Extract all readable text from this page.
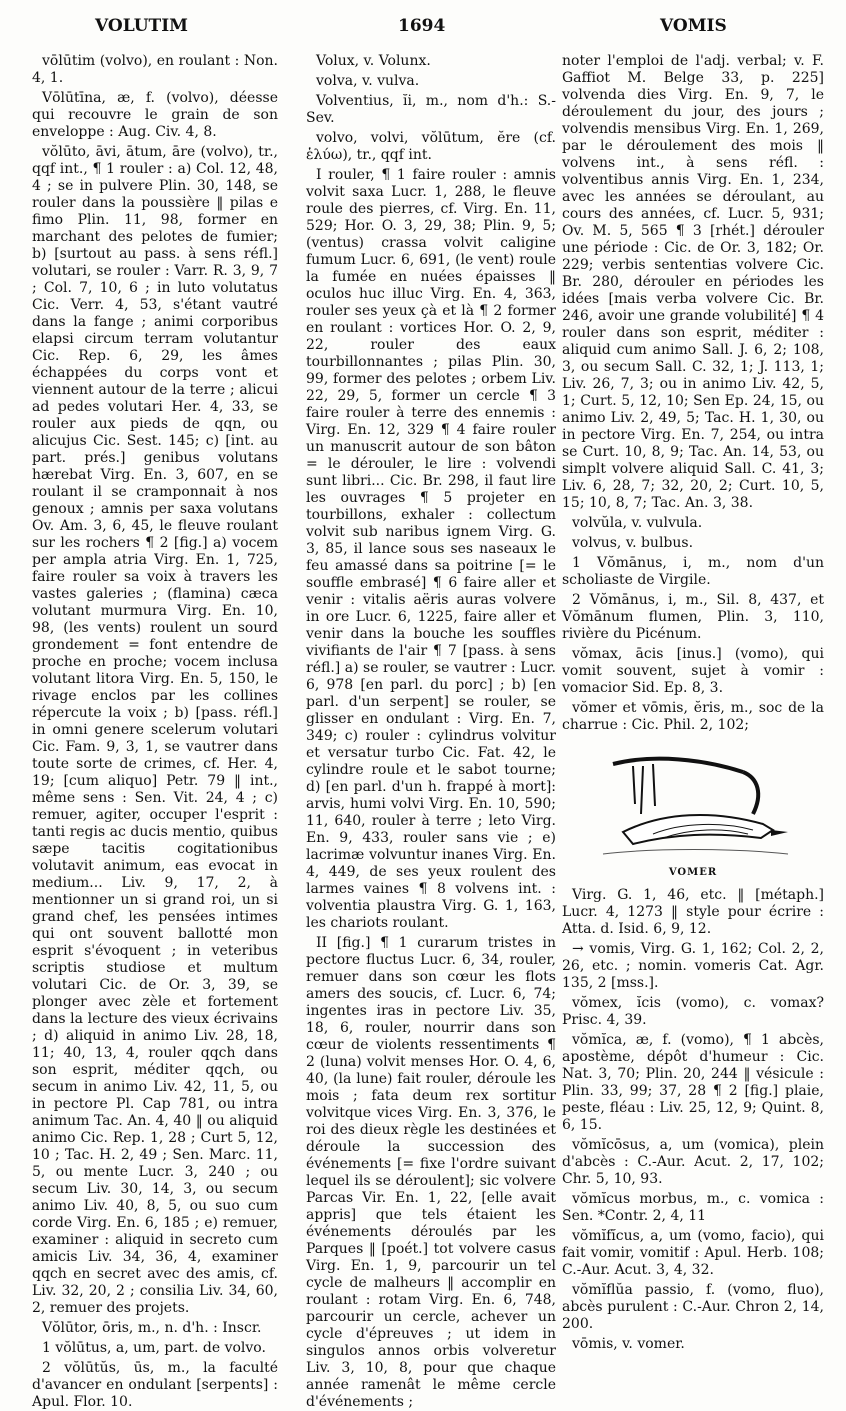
VOLUTIM	1694	VOMIS

vōlūtim (volvo), en roulant : Non. 4, 1.

Vōlūtīna, æ, f. (volvo), déesse qui recouvre le grain de son enveloppe : Aug. Civ. 4, 8.

vŏlūto, āvi, ātum, āre (volvo), tr., qqf int., ¶ 1 rouler : a) Col. 12, 48, 4 ; se in pulvere Plin. 30, 148, se rouler dans la poussière ‖ pilas e fimo Plin. 11, 98, former en marchant des pelotes de fumier; b) [surtout au pass. à sens réfl.] volutari, se rouler : Varr. R. 3, 9, 7 ; Col. 7, 10, 6 ; in luto volutatus Cic. Verr. 4, 53, s'étant vautré dans la fange ; animi corporibus elapsi circum terram volutantur Cic. Rep. 6, 29, les âmes échappées du corps vont et viennent autour de la terre ; alicui ad pedes volutari Her. 4, 33, se rouler aux pieds de qqn, ou alicujus Cic. Sest. 145; c) [int. au part. prés.] genibus volutans hærebat Virg. En. 3, 607, en se roulant il se cramponnait à nos genoux ; amnis per saxa volutans Ov. Am. 3, 6, 45, le fleuve roulant sur les rochers ¶ 2 [fig.] a) vocem per ampla atria Virg. En. 1, 725, faire rouler sa voix à travers les vastes galeries ; (flamina) cæca volutant murmura Virg. En. 10, 98, (les vents) roulent un sourd grondement = font entendre de proche en proche; vocem inclusa volutant litora Virg. En. 5, 150, le rivage enclos par les collines répercute la voix ; b) [pass. réfl.] in omni genere scelerum volutari Cic. Fam. 9, 3, 1, se vautrer dans toute sorte de crimes, cf. Her. 4, 19; [cum aliquo] Petr. 79 ‖ int., même sens : Sen. Vit. 24, 4 ; c) remuer, agiter, occuper l'esprit : tanti regis ac ducis mentio, quibus sæpe tacitis cogitationibus volutavit animum, eas evocat in medium... Liv. 9, 17, 2, à mentionner un si grand roi, un si grand chef, les pensées intimes qui ont souvent ballotté mon esprit s'évoquent ; in veteribus scriptis studiose et multum volutari Cic. de Or. 3, 39, se plonger avec zèle et fortement dans la lecture des vieux écrivains ; d) aliquid in animo Liv. 28, 18, 11; 40, 13, 4, rouler qqch dans son esprit, méditer qqch, ou secum in animo Liv. 42, 11, 5, ou in pectore Pl. Cap 781, ou intra animum Tac. An. 4, 40 ‖ ou aliquid animo Cic. Rep. 1, 28 ; Curt 5, 12, 10 ; Tac. H. 2, 49 ; Sen. Marc. 11, 5, ou mente Lucr. 3, 240 ; ou secum Liv. 30, 14, 3, ou secum animo Liv. 40, 8, 5, ou suo cum corde Virg. En. 6, 185 ; e) remuer, examiner : aliquid in secreto cum amicis Liv. 34, 36, 4, examiner qqch en secret avec des amis, cf. Liv. 32, 20, 2 ; consilia Liv. 34, 60, 2, remuer des projets.

Vŏlūtor, ōris, m., n. d'h. : Inscr.

1 vŏlūtus, a, um, part. de volvo.

2 vŏlūtŭs, ūs, m., la faculté d'avancer en ondulant [serpents] : Apul. Flor. 10.

Volux, v. Volunx.

volva, v. vulva.

Volventius, ĭi, m., nom d'h.: S.-Sev.

volvo, volvi, vŏlūtum, ĕre (cf. ἑλύω), tr., qqf int.

I rouler, ¶ 1 faire rouler : amnis volvit saxa Lucr. 1, 288, le fleuve roule des pierres, cf. Virg. En. 11, 529; Hor. O. 3, 29, 38; Plin. 9, 5; (ventus) crassa volvit caligine fumum Lucr. 6, 691, (le vent) roule la fumée en nuées épaisses ‖ oculos huc illuc Virg. En. 4, 363, rouler ses yeux çà et là ¶ 2 former en roulant : vortices Hor. O. 2, 9, 22, rouler des eaux tourbillonnantes ; pilas Plin. 30, 99, former des pelotes ; orbem Liv. 22, 29, 5, former un cercle ¶ 3 faire rouler à terre des ennemis : Virg. En. 12, 329 ¶ 4 faire rouler un manuscrit autour de son bâton = le dérouler, le lire : volvendi sunt libri... Cic. Br. 298, il faut lire les ouvrages ¶ 5 projeter en tourbillons, exhaler : collectum volvit sub naribus ignem Virg. G. 3, 85, il lance sous ses naseaux le feu amassé dans sa poitrine [= le souffle embrasé] ¶ 6 faire aller et venir : vitalis aëris auras volvere in ore Lucr. 6, 1225, faire aller et venir dans la bouche les souffles vivifiants de l'air ¶ 7 [pass. à sens réfl.] a) se rouler, se vautrer : Lucr. 6, 978 [en parl. du porc] ; b) [en parl. d'un serpent] se rouler, se glisser en ondulant : Virg. En. 7, 349; c) rouler : cylindrus volvitur et versatur turbo Cic. Fat. 42, le cylindre roule et le sabot tourne; d) [en parl. d'un h. frappé à mort]: arvis, humi volvi Virg. En. 10, 590; 11, 640, rouler à terre ; leto Virg. En. 9, 433, rouler sans vie ; e) lacrimæ volvuntur inanes Virg. En. 4, 449, de ses yeux roulent des larmes vaines ¶ 8 volvens int. : volventia plaustra Virg. G. 1, 163, les chariots roulant.

II [fig.] ¶ 1 curarum tristes in pectore fluctus Lucr. 6, 34, rouler, remuer dans son cœur les flots amers des soucis, cf. Lucr. 6, 74; ingentes iras in pectore Liv. 35, 18, 6, rouler, nourrir dans son cœur de violents ressentiments ¶ 2 (luna) volvit menses Hor. O. 4, 6, 40, (la lune) fait rouler, déroule les mois ; fata deum rex sortitur volvitque vices Virg. En. 3, 376, le roi des dieux règle les destinées et déroule la succession des événements [= fixe l'ordre suivant lequel ils se déroulent]; sic volvere Parcas Vir. En. 1, 22, [elle avait appris] que tels étaient les événements déroulés par les Parques ‖ [poét.] tot volvere casus Virg. En. 1, 9, parcourir un tel cycle de malheurs ‖ accomplir en roulant : rotam Virg. En. 6, 748, parcourir un cercle, achever un cycle d'épreuves ; ut idem in singulos annos orbis volveretur Liv. 3, 10, 8, pour que chaque année ramenât le même cercle d'événements ;

noter l'emploi de l'adj. verbal; v. F. Gaffiot M. Belge 33, p. 225] volvenda dies Virg. En. 9, 7, le déroulement du jour, des jours ; volvendis mensibus Virg. En. 1, 269, par le déroulement des mois ‖ volvens int., à sens réfl. : volventibus annis Virg. En. 1, 234, avec les années se déroulant, au cours des années, cf. Lucr. 5, 931; Ov. M. 5, 565 ¶ 3 [rhét.] dérouler une période : Cic. de Or. 3, 182; Or. 229; verbis sententias volvere Cic. Br. 280, dérouler en périodes les idées [mais verba volvere Cic. Br. 246, avoir une grande volubilité] ¶ 4 rouler dans son esprit, méditer : aliquid cum animo Sall. J. 6, 2; 108, 3, ou secum Sall. C. 32, 1; J. 113, 1; Liv. 26, 7, 3; ou in animo Liv. 42, 5, 1; Curt. 5, 12, 10; Sen Ep. 24, 15, ou animo Liv. 2, 49, 5; Tac. H. 1, 30, ou in pectore Virg. En. 7, 254, ou intra se Curt. 10, 8, 9; Tac. An. 14, 53, ou simplt volvere aliquid Sall. C. 41, 3; Liv. 6, 28, 7; 32, 20, 2; Curt. 10, 5, 15; 10, 8, 7; Tac. An. 3, 38.

volvŭla, v. vulvula.

volvus, v. bulbus.

1 Vŏmānus, i, m., nom d'un scholiaste de Virgile.

2 Vŏmānus, i, m., Sil. 8, 437, et Vŏmānum flumen, Plin. 3, 110, rivière du Picénum.

vŏmax, ācis [inus.] (vomo), qui vomit souvent, sujet à vomir : vomacior Sid. Ep. 8, 3.

vŏmer et vōmis, ĕris, m., soc de la charrue : Cic. Phil. 2, 102;

VOMER

Virg. G. 1, 46, etc. ‖ [métaph.] Lucr. 4, 1273 ‖ style pour écrire : Atta. d. Isid. 6, 9, 12.

→ vomis, Virg. G. 1, 162; Col. 2, 2, 26, etc. ; nomin. vomeris Cat. Agr. 135, 2 [mss.].

vŏmex, ĭcis (vomo), c. vomax? Prisc. 4, 39.

vŏmĭca, æ, f. (vomo), ¶ 1 abcès, apostème, dépôt d'humeur : Cic. Nat. 3, 70; Plin. 20, 244 ‖ vésicule : Plin. 33, 99; 37, 28 ¶ 2 [fig.] plaie, peste, fléau : Liv. 25, 12, 9; Quint. 8, 6, 15.

vŏmĭcōsus, a, um (vomica), plein d'abcès : C.-Aur. Acut. 2, 17, 102; Chr. 5, 10, 93.

vŏmĭcus morbus, m., c. vomica : Sen. *Contr. 2, 4, 11

vŏmĭfĭcus, a, um (vomo, facio), qui fait vomir, vomitif : Apul. Herb. 108; C.-Aur. Acut. 3, 4, 32.

vŏmĭflŭa passio, f. (vomo, fluo), abcès purulent : C.-Aur. Chron 2, 14, 200.

vōmis, v. vomer.
